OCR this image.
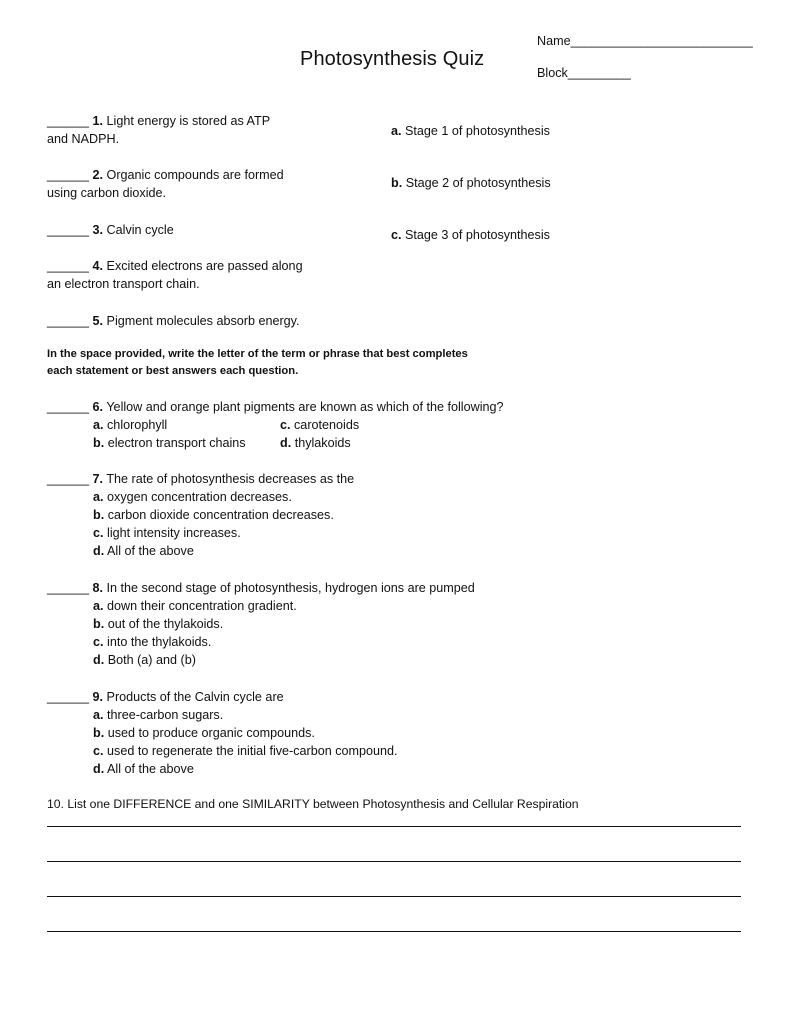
Photosynthesis Quiz
Name__________________________
Block_________
______ 1. Light energy is stored as ATP
and NADPH.
______ 2. Organic compounds are formed
using carbon dioxide.
______ 3. Calvin cycle
______ 4. Excited electrons are passed along
an electron transport chain.
______ 5. Pigment molecules absorb energy.
a. Stage 1 of photosynthesis
b. Stage 2 of photosynthesis
c. Stage 3 of photosynthesis
In the space provided, write the letter of the term or phrase that best completes
each statement or best answers each question.
______ 6. Yellow and orange plant pigments are known as which of the following?
a. chlorophyll
b. electron transport chains
c. carotenoids
d. thylakoids
______ 7. The rate of photosynthesis decreases as the
a. oxygen concentration decreases.
b. carbon dioxide concentration decreases.
c. light intensity increases.
d. All of the above
______ 8. In the second stage of photosynthesis, hydrogen ions are pumped
a. down their concentration gradient.
b. out of the thylakoids.
c. into the thylakoids.
d. Both (a) and (b)
______ 9. Products of the Calvin cycle are
a. three-carbon sugars.
b. used to produce organic compounds.
c. used to regenerate the initial five-carbon compound.
d. All of the above
10. List one DIFFERENCE and one SIMILARITY between Photosynthesis and Cellular Respiration
